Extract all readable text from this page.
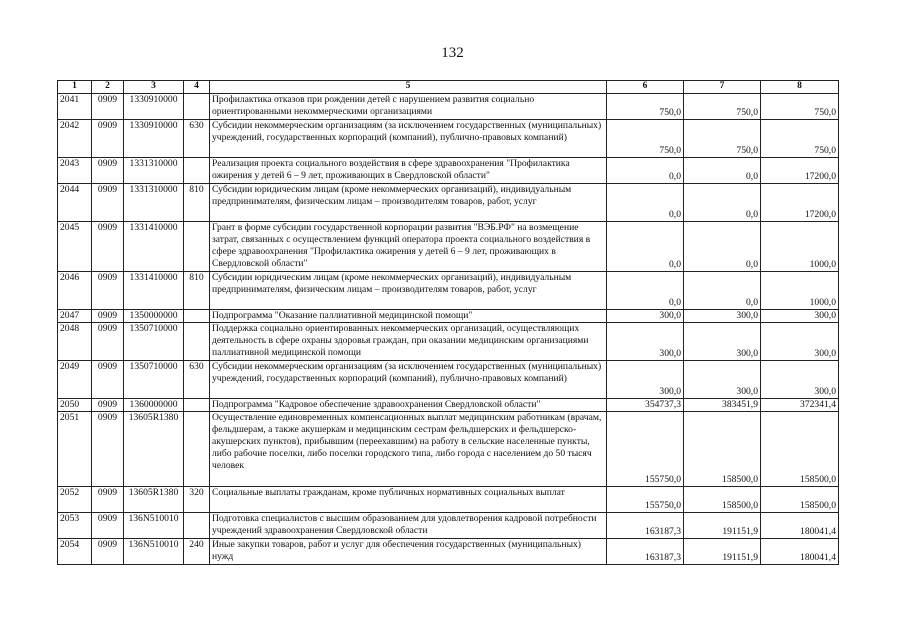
132
1	2	3	4	5	6	7	8
2041	0909	1330910000		Профилактика отказов при рождении детей с нарушением развития социально ориентированными некоммерческими организациями	750,0	750,0	750,0
2042	0909	1330910000	630	Субсидии некоммерческим организациям (за исключением государственных (муниципальных) учреждений, государственных корпораций (компаний), публично-правовых компаний)	750,0	750,0	750,0
2043	0909	1331310000		Реализация проекта социального воздействия в сфере здравоохранения "Профилактика ожирения у детей 6 – 9 лет, проживающих в Свердловской области"	0,0	0,0	17200,0
2044	0909	1331310000	810	Субсидии юридическим лицам (кроме некоммерческих организаций), индивидуальным предпринимателям, физическим лицам – производителям товаров, работ, услуг	0,0	0,0	17200,0
2045	0909	1331410000		Грант в форме субсидии государственной корпорации развития "ВЭБ.РФ" на возмещение затрат, связанных с осуществлением функций оператора проекта социального воздействия в сфере здравоохранения "Профилактика ожирения у детей 6 – 9 лет, проживающих в Свердловской области"	0,0	0,0	1000,0
2046	0909	1331410000	810	Субсидии юридическим лицам (кроме некоммерческих организаций), индивидуальным предпринимателям, физическим лицам – производителям товаров, работ, услуг	0,0	0,0	1000,0
2047	0909	1350000000		Подпрограмма "Оказание паллиативной медицинской помощи"	300,0	300,0	300,0
2048	0909	1350710000		Поддержка социально ориентированных некоммерческих организаций, осуществляющих деятельность в сфере охраны здоровья граждан, при оказании медицинским организациями паллиативной медицинской помощи	300,0	300,0	300,0
2049	0909	1350710000	630	Субсидии некоммерческим организациям (за исключением государственных (муниципальных) учреждений, государственных корпораций (компаний), публично-правовых компаний)	300,0	300,0	300,0
2050	0909	1360000000		Подпрограмма "Кадровое обеспечение здравоохранения Свердловской области"	354737,3	383451,9	372341,4
2051	0909	13605R1380		Осуществление единовременных компенсационных выплат медицинским работникам (врачам, фельдшерам, а также акушеркам и медицинским сестрам фельдшерских и фельдшерско-акушерских пунктов), прибывшим (переехавшим) на работу в сельские населенные пункты, либо рабочие поселки, либо поселки городского типа, либо города с населением до 50 тысяч человек	155750,0	158500,0	158500,0
2052	0909	13605R1380	320	Социальные выплаты гражданам, кроме публичных нормативных социальных выплат	155750,0	158500,0	158500,0
2053	0909	136N510010		Подготовка специалистов с высшим образованием для удовлетворения кадровой потребности учреждений здравоохранения Свердловской области	163187,3	191151,9	180041,4
2054	0909	136N510010	240	Иные закупки товаров, работ и услуг для обеспечения государственных (муниципальных) нужд	163187,3	191151,9	180041,4
